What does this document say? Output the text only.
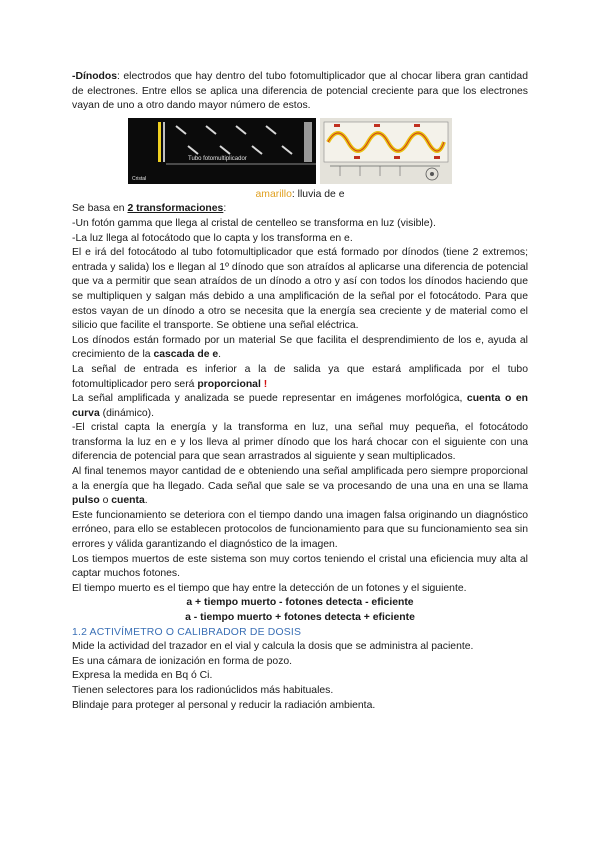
-Dínodos: electrodos que hay dentro del tubo fotomultiplicador que al chocar libera gran cantidad de electrones. Entre ellos se aplica una diferencia de potencial creciente para que los electrones vayan de uno a otro dando mayor número de estos.

Tubo fotomultiplicador
Cristal

amarillo: lluvia de e

Se basa en 2 transformaciones:

-Un fotón gamma que llega al cristal de centelleo se transforma en luz (visible).

-La luz llega al fotocátodo que lo capta y los transforma en e.

El e irá del fotocátodo al tubo fotomultiplicador que está formado por dínodos (tiene 2 extremos; entrada y salida) los e llegan al 1º dínodo que son atraídos al aplicarse una diferencia de potencial que va a permitir que sean atraídos de un dínodo a otro y así con todos los dínodos haciendo que se multipliquen y salgan más debido a una amplificación de la señal por el fotocátodo. Para que estos vayan de un dínodo a otro se necesita que la energía sea creciente y de material como el silicio que facilite el transporte. Se obtiene una señal eléctrica.

Los dínodos están formado por un material Se que facilita el desprendimiento de los e, ayuda al crecimiento de la cascada de e.

La señal de entrada es inferior a la de salida ya que estará amplificada por el tubo fotomultiplicador pero será proporcional !

La señal amplificada y analizada se puede representar en imágenes morfológica, cuenta o en curva (dinámico).

-El cristal capta la energía y la transforma en luz, una señal muy pequeña, el fotocátodo transforma la luz en e y los lleva al primer dínodo que los hará chocar con el siguiente con una diferencia de potencial para que sean arrastrados al siguiente y sean multiplicados.

Al final tenemos mayor cantidad de e obteniendo una señal amplificada pero siempre proporcional a la energía que ha llegado. Cada señal que sale se va procesando de una una en una se llama pulso o cuenta.

Este funcionamiento se deteriora con el tiempo dando una imagen falsa originando un diagnóstico erróneo, para ello se establecen protocolos de funcionamiento para que su funcionamiento sea sin errores y válida garantizando el diagnóstico de la imagen.

Los tiempos muertos de este sistema son muy cortos teniendo el cristal una eficiencia muy alta al captar muchos fotones.

El tiempo muerto es el tiempo que hay entre la detección de un fotones y el siguiente.

a + tiempo muerto - fotones detecta - eficiente

a - tiempo muerto + fotones detecta + eficiente

1.2 ACTIVÍMETRO O CALIBRADOR DE DOSIS

Mide la actividad del trazador en el vial y calcula la dosis que se administra al paciente.

Es una cámara de ionización en forma de pozo.

Expresa la medida en Bq ó Ci.

Tienen selectores para los radionúclidos más habituales.

Blindaje para proteger al personal y reducir la radiación ambienta.
